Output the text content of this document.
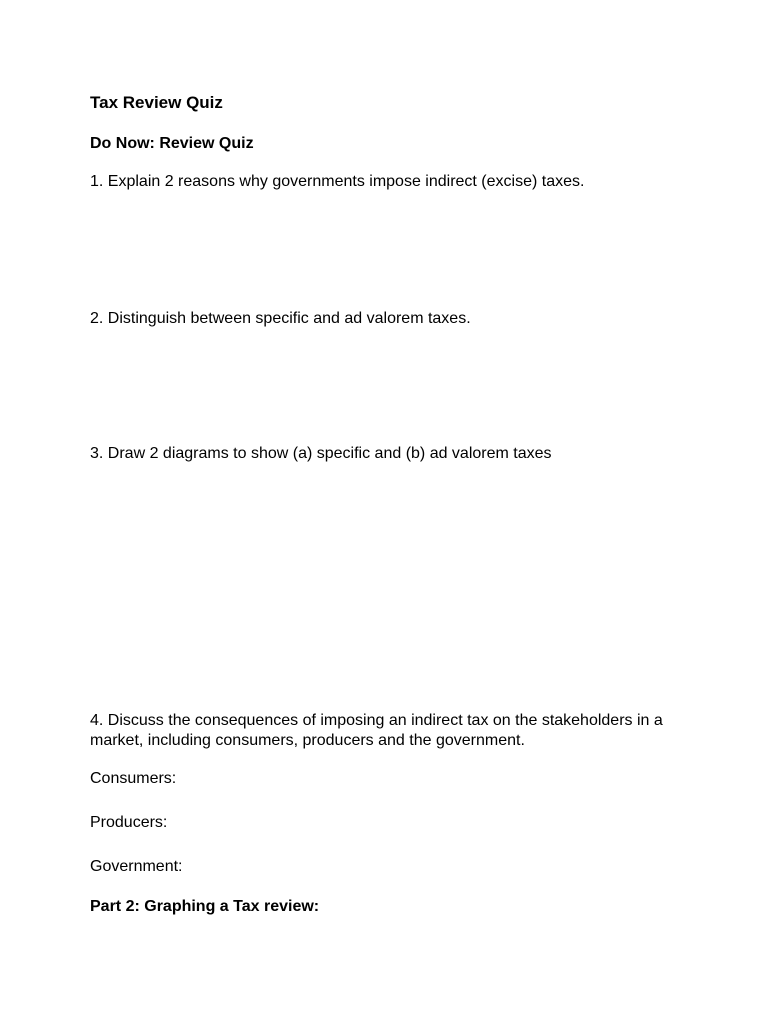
Tax Review Quiz
Do Now: Review Quiz
1. Explain 2 reasons why governments impose indirect (excise) taxes.
2. Distinguish between specific and ad valorem taxes.
3. Draw 2 diagrams to show (a) specific and (b) ad valorem taxes
4. Discuss the consequences of imposing an indirect tax on the stakeholders in a market, including consumers, producers and the government.
Consumers:
Producers:
Government:
Part 2: Graphing a Tax review:
